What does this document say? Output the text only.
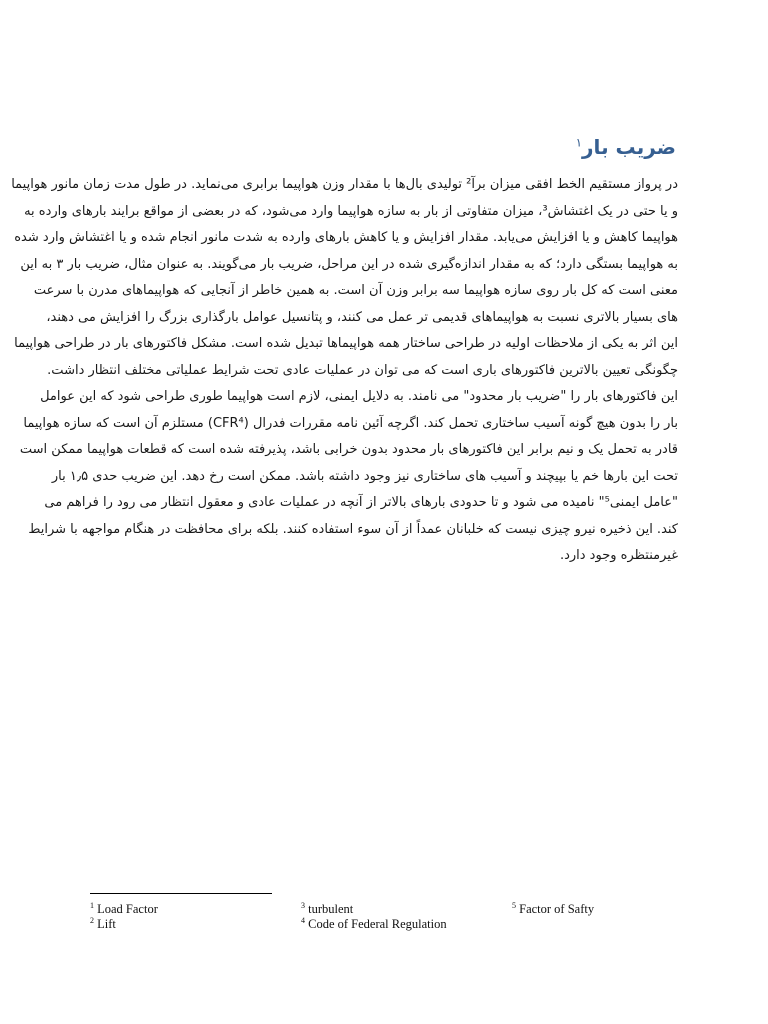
ضریب بار$^۱$
در پرواز مستقیم الخط افقی میزان برآ² تولیدی بال‌ها با مقدار وزن هواپیما برابری می‌نماید. در طول مدت زمان مانور هواپیما
و یا حتی در یک اغتشاش³، میزان متفاوتی از بار به سازه هواپیما وارد می‌شود، که در بعضی از مواقع برایند بارهای وارده به
هواپیما کاهش و یا افزایش می‌یابد. مقدار افزایش و یا کاهش بارهای وارده به شدت مانور انجام شده و یا اغتشاش وارد شده
به هواپیما بستگی دارد؛ که به مقدار اندازه‌گیری شده در این مراحل، ضریب بار می‌گویند. به عنوان مثال، ضریب بار ۳ به این
معنی است که کل بار روی سازه هواپیما سه برابر وزن آن است. به همین خاطر از آنجایی که هواپیماهای مدرن با سرعت
های بسیار بالاتری نسبت به هواپیماهای قدیمی تر عمل می کنند، و پتانسیل عوامل بارگذاری بزرگ را افزایش می دهند،
این اثر به یکی از ملاحظات اولیه در طراحی ساختار همه هواپیماها تبدیل شده است. مشکل فاکتورهای بار در طراحی هواپیما
چگونگی تعیین بالاترین فاکتورهای باری است که می توان در عملیات عادی تحت شرایط عملیاتی مختلف انتظار داشت.
این فاکتورهای بار را "ضریب بار محدود" می نامند. به دلایل ایمنی، لازم است هواپیما طوری طراحی شود که این عوامل
بار را بدون هیچ گونه آسیب ساختاری تحمل کند. اگرچه آئین نامه مقررات فدرال (CFR⁴) مستلزم آن است که سازه هواپیما
قادر به تحمل یک و نیم برابر این فاکتورهای بار محدود بدون خرابی باشد، پذیرفته شده است که قطعات هواپیما ممکن است
تحت این بارها خم یا بپیچند و آسیب های ساختاری نیز وجود داشته باشد. ممکن است رخ دهد. این ضریب حدی ۱٫۵ بار
"عامل ایمنی⁵" نامیده می شود و تا حدودی بارهای بالاتر از آنچه در عملیات عادی و معقول انتظار می رود را فراهم می
کند. این ذخیره نیرو چیزی نیست که خلبانان عمداً از آن سوء استفاده کنند. بلکه برای محافظت در هنگام مواجهه با شرایط
غیرمنتظره وجود دارد.
$^1$ Load Factor
$^2$ Lift
$^3$ turbulent
$^4$ Code of Federal Regulation
$^5$ Factor of Safty
